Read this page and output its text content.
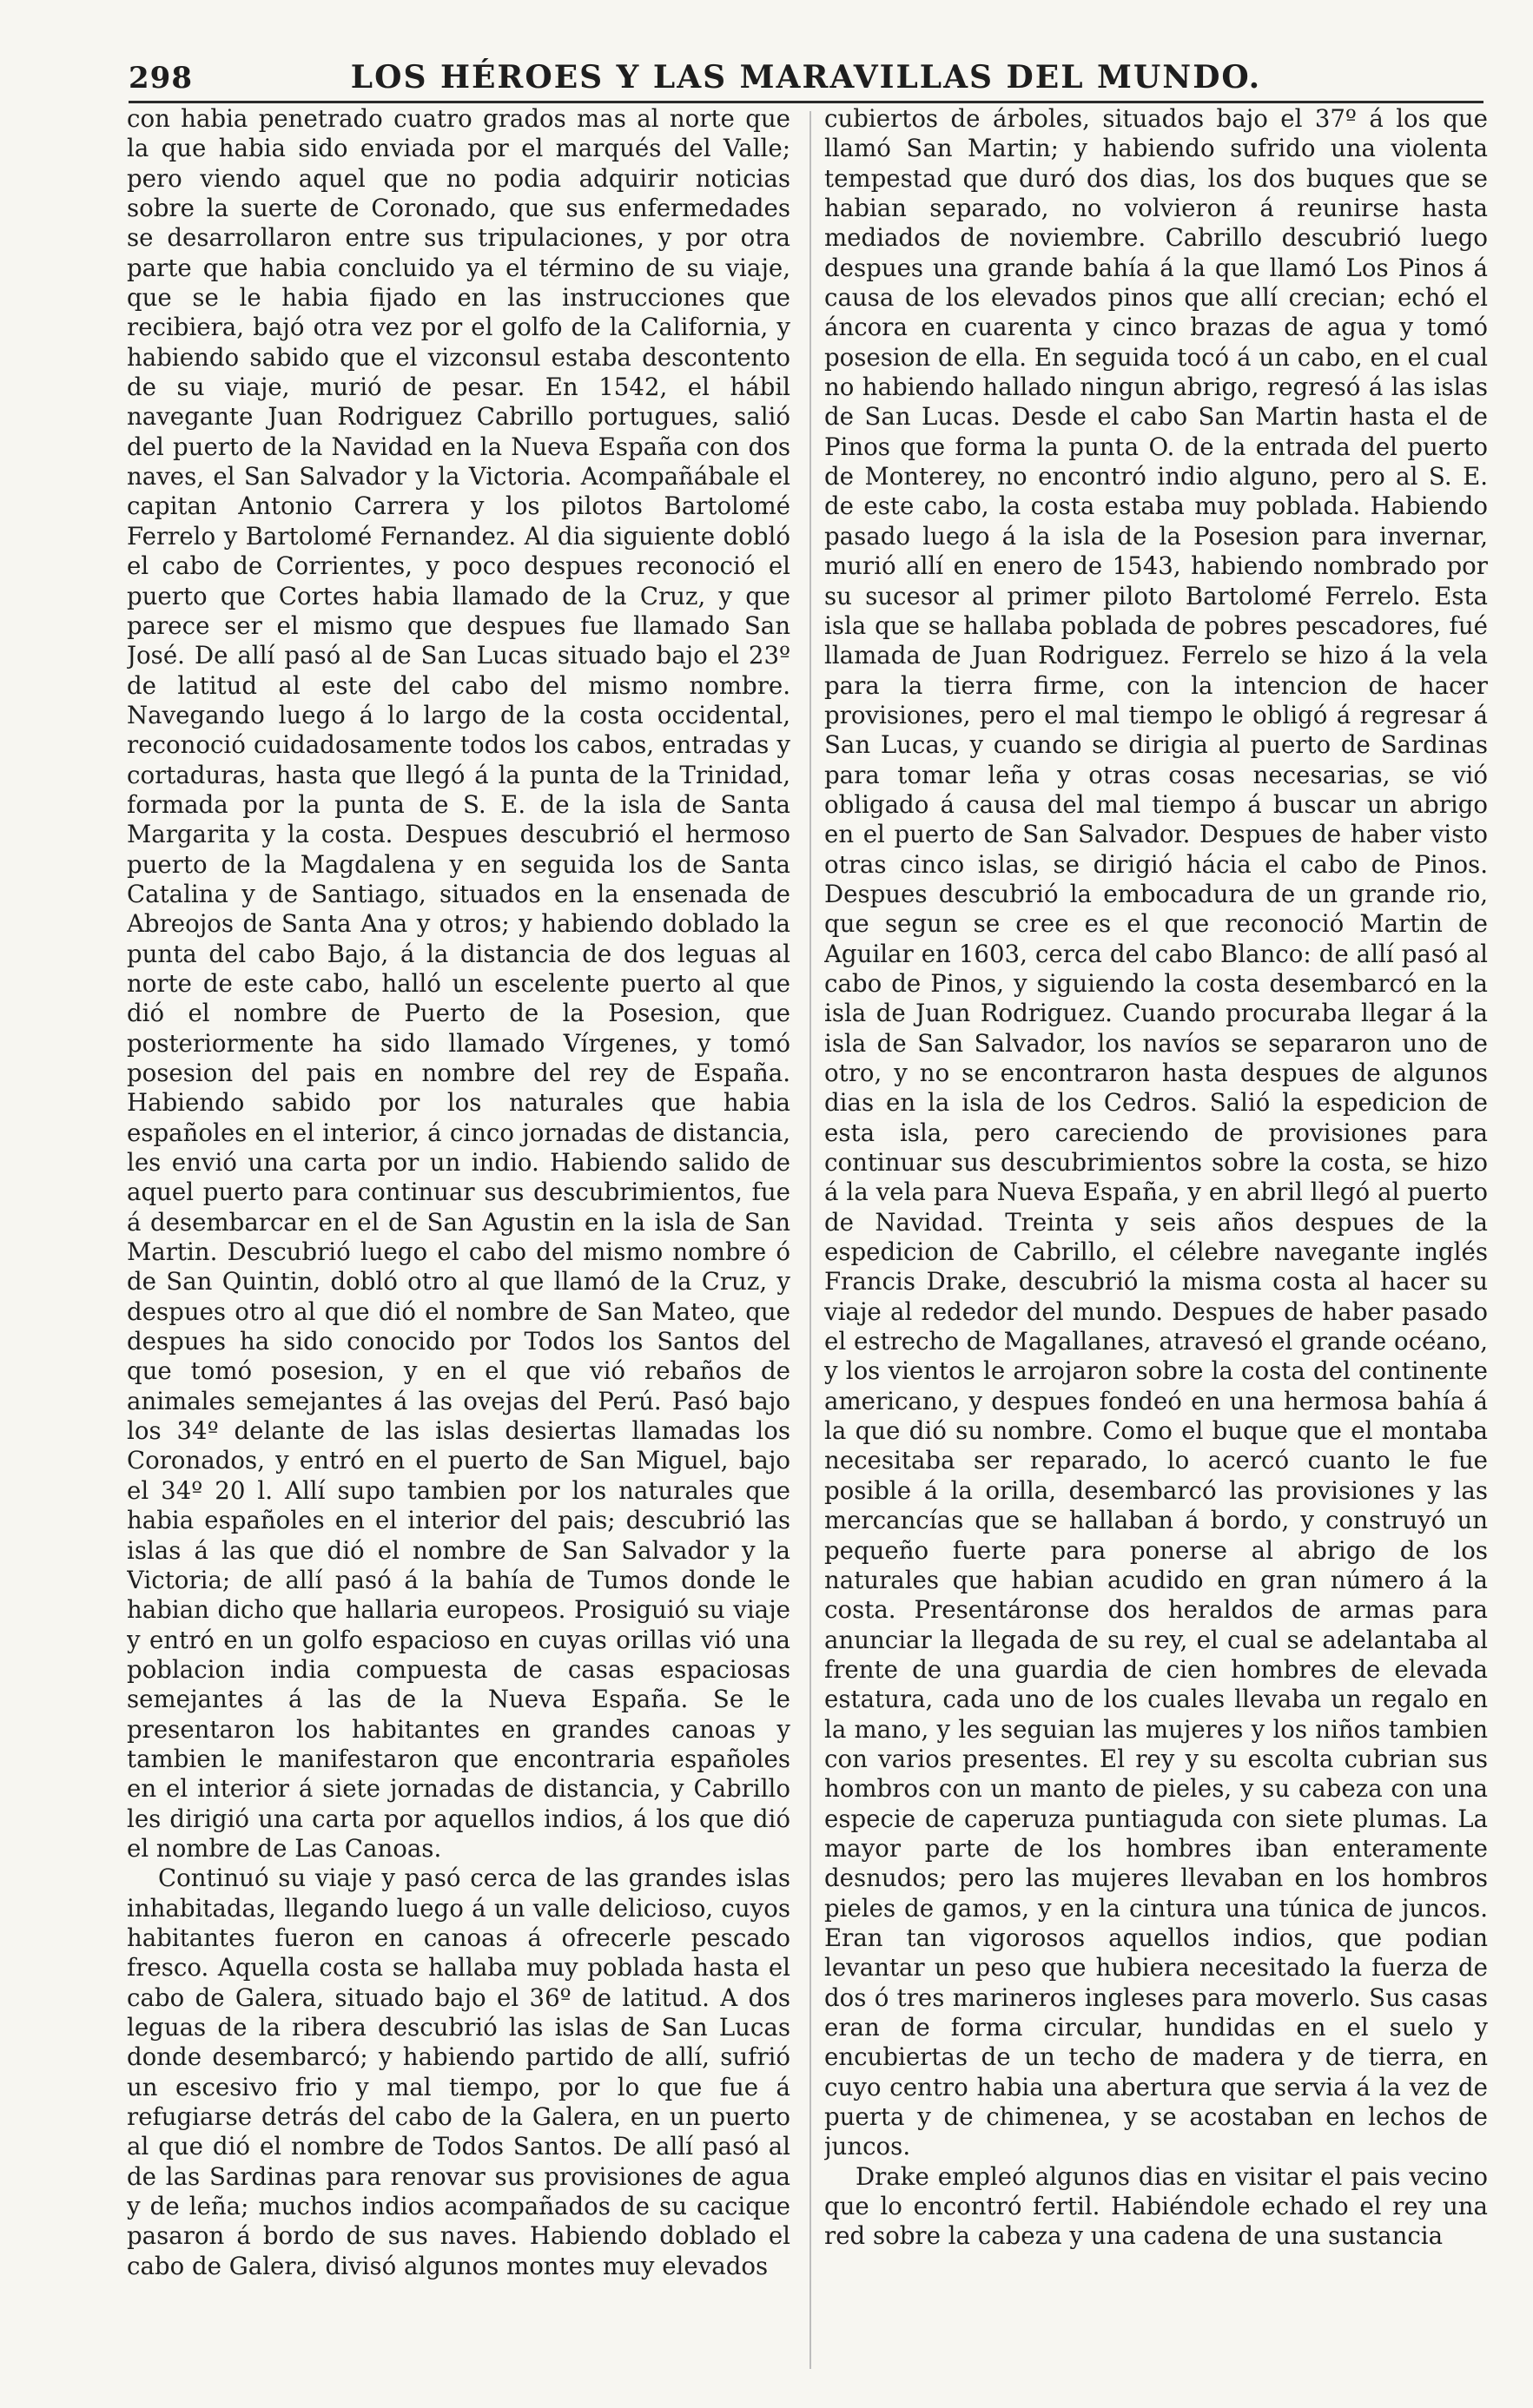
298	LOS HÉROES Y LAS MARAVILLAS DEL MUNDO.

con habia penetrado cuatro grados mas al norte que la que habia sido enviada por el marqués del Valle; pero viendo aquel que no podia adquirir noticias sobre la suerte de Coronado, que sus enfermedades se desarrollaron entre sus tripulaciones, y por otra parte que habia concluido ya el término de su viaje, que se le habia fijado en las instrucciones que recibiera, bajó otra vez por el golfo de la California, y habiendo sabido que el vizconsul estaba descontento de su viaje, murió de pesar. En 1542, el hábil navegante Juan Rodriguez Cabrillo portugues, salió del puerto de la Navidad en la Nueva España con dos naves, el San Salvador y la Victoria. Acompañábale el capitan Antonio Carrera y los pilotos Bartolomé Ferrelo y Bartolomé Fernandez. Al dia siguiente dobló el cabo de Corrientes, y poco despues reconoció el puerto que Cortes habia llamado de la Cruz, y que parece ser el mismo que despues fue llamado San José. De allí pasó al de San Lucas situado bajo el 23º de latitud al este del cabo del mismo nombre. Navegando luego á lo largo de la costa occidental, reconoció cuidadosamente todos los cabos, entradas y cortaduras, hasta que llegó á la punta de la Trinidad, formada por la punta de S. E. de la isla de Santa Margarita y la costa. Despues descubrió el hermoso puerto de la Magdalena y en seguida los de Santa Catalina y de Santiago, situados en la ensenada de Abreojos de Santa Ana y otros; y habiendo doblado la punta del cabo Bajo, á la distancia de dos leguas al norte de este cabo, halló un escelente puerto al que dió el nombre de Puerto de la Posesion, que posteriormente ha sido llamado Vírgenes, y tomó posesion del pais en nombre del rey de España. Habiendo sabido por los naturales que habia españoles en el interior, á cinco jornadas de distancia, les envió una carta por un indio. Habiendo salido de aquel puerto para continuar sus descubrimientos, fue á desembarcar en el de San Agustin en la isla de San Martin. Descubrió luego el cabo del mismo nombre ó de San Quintin, dobló otro al que llamó de la Cruz, y despues otro al que dió el nombre de San Mateo, que despues ha sido conocido por Todos los Santos del que tomó posesion, y en el que vió rebaños de animales semejantes á las ovejas del Perú. Pasó bajo los 34º delante de las islas desiertas llamadas los Coronados, y entró en el puerto de San Miguel, bajo el 34º 20 l. Allí supo tambien por los naturales que habia españoles en el interior del pais; descubrió las islas á las que dió el nombre de San Salvador y la Victoria; de allí pasó á la bahía de Tumos donde le habian dicho que hallaria europeos. Prosiguió su viaje y entró en un golfo espacioso en cuyas orillas vió una poblacion india compuesta de casas espaciosas semejantes á las de la Nueva España. Se le presentaron los habitantes en grandes canoas y tambien le manifestaron que encontraria españoles en el interior á siete jornadas de distancia, y Cabrillo les dirigió una carta por aquellos indios, á los que dió el nombre de Las Canoas.

Continuó su viaje y pasó cerca de las grandes islas inhabitadas, llegando luego á un valle delicioso, cuyos habitantes fueron en canoas á ofrecerle pescado fresco. Aquella costa se hallaba muy poblada hasta el cabo de Galera, situado bajo el 36º de latitud. A dos leguas de la ribera descubrió las islas de San Lucas donde desembarcó; y habiendo partido de allí, sufrió un escesivo frio y mal tiempo, por lo que fue á refugiarse detrás del cabo de la Galera, en un puerto al que dió el nombre de Todos Santos. De allí pasó al de las Sardinas para renovar sus provisiones de agua y de leña; muchos indios acompañados de su cacique pasaron á bordo de sus naves. Habiendo doblado el cabo de Galera, divisó algunos montes muy elevados

cubiertos de árboles, situados bajo el 37º á los que llamó San Martin; y habiendo sufrido una violenta tempestad que duró dos dias, los dos buques que se habian separado, no volvieron á reunirse hasta mediados de noviembre. Cabrillo descubrió luego despues una grande bahía á la que llamó Los Pinos á causa de los elevados pinos que allí crecian; echó el áncora en cuarenta y cinco brazas de agua y tomó posesion de ella. En seguida tocó á un cabo, en el cual no habiendo hallado ningun abrigo, regresó á las islas de San Lucas. Desde el cabo San Martin hasta el de Pinos que forma la punta O. de la entrada del puerto de Monterey, no encontró indio alguno, pero al S. E. de este cabo, la costa estaba muy poblada. Habiendo pasado luego á la isla de la Posesion para invernar, murió allí en enero de 1543, habiendo nombrado por su sucesor al primer piloto Bartolomé Ferrelo. Esta isla que se hallaba poblada de pobres pescadores, fué llamada de Juan Rodriguez. Ferrelo se hizo á la vela para la tierra firme, con la intencion de hacer provisiones, pero el mal tiempo le obligó á regresar á San Lucas, y cuando se dirigia al puerto de Sardinas para tomar leña y otras cosas necesarias, se vió obligado á causa del mal tiempo á buscar un abrigo en el puerto de San Salvador. Despues de haber visto otras cinco islas, se dirigió hácia el cabo de Pinos. Despues descubrió la embocadura de un grande rio, que segun se cree es el que reconoció Martin de Aguilar en 1603, cerca del cabo Blanco: de allí pasó al cabo de Pinos, y siguiendo la costa desembarcó en la isla de Juan Rodriguez. Cuando procuraba llegar á la isla de San Salvador, los navíos se separaron uno de otro, y no se encontraron hasta despues de algunos dias en la isla de los Cedros. Salió la espedicion de esta isla, pero careciendo de provisiones para continuar sus descubrimientos sobre la costa, se hizo á la vela para Nueva España, y en abril llegó al puerto de Navidad. Treinta y seis años despues de la espedicion de Cabrillo, el célebre navegante inglés Francis Drake, descubrió la misma costa al hacer su viaje al rededor del mundo. Despues de haber pasado el estrecho de Magallanes, atravesó el grande océano, y los vientos le arrojaron sobre la costa del continente americano, y despues fondeó en una hermosa bahía á la que dió su nombre. Como el buque que el montaba necesitaba ser reparado, lo acercó cuanto le fue posible á la orilla, desembarcó las provisiones y las mercancías que se hallaban á bordo, y construyó un pequeño fuerte para ponerse al abrigo de los naturales que habian acudido en gran número á la costa. Presentáronse dos heraldos de armas para anunciar la llegada de su rey, el cual se adelantaba al frente de una guardia de cien hombres de elevada estatura, cada uno de los cuales llevaba un regalo en la mano, y les seguian las mujeres y los niños tambien con varios presentes. El rey y su escolta cubrian sus hombros con un manto de pieles, y su cabeza con una especie de caperuza puntiaguda con siete plumas. La mayor parte de los hombres iban enteramente desnudos; pero las mujeres llevaban en los hombros pieles de gamos, y en la cintura una túnica de juncos. Eran tan vigorosos aquellos indios, que podian levantar un peso que hubiera necesitado la fuerza de dos ó tres marineros ingleses para moverlo. Sus casas eran de forma circular, hundidas en el suelo y encubiertas de un techo de madera y de tierra, en cuyo centro habia una abertura que servia á la vez de puerta y de chimenea, y se acostaban en lechos de juncos.

Drake empleó algunos dias en visitar el pais vecino que lo encontró fertil. Habiéndole echado el rey una red sobre la cabeza y una cadena de una sustancia
